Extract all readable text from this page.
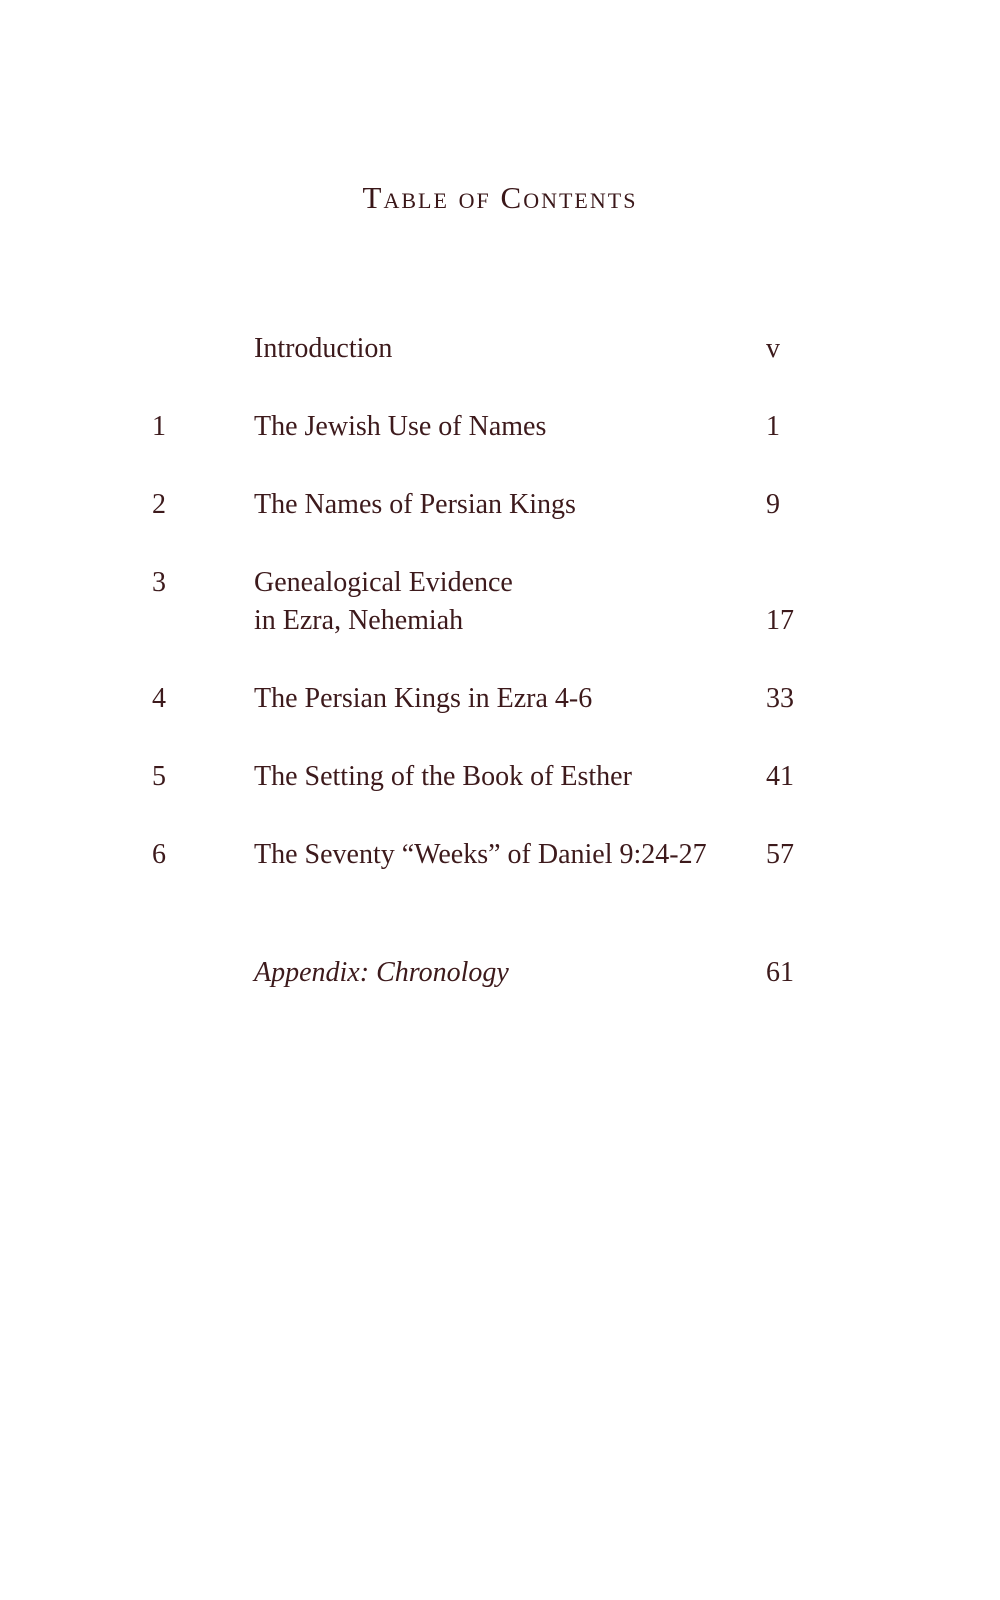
Table of Contents
Introduction	v
1	The Jewish Use of Names	1
2	The Names of Persian Kings	9
3	Genealogical Evidence
in Ezra, Nehemiah	17
4	The Persian Kings in Ezra 4-6	33
5	The Setting of the Book of Esther	41
6	The Seventy “Weeks” of Daniel 9:24-27 57
Appendix: Chronology	61
